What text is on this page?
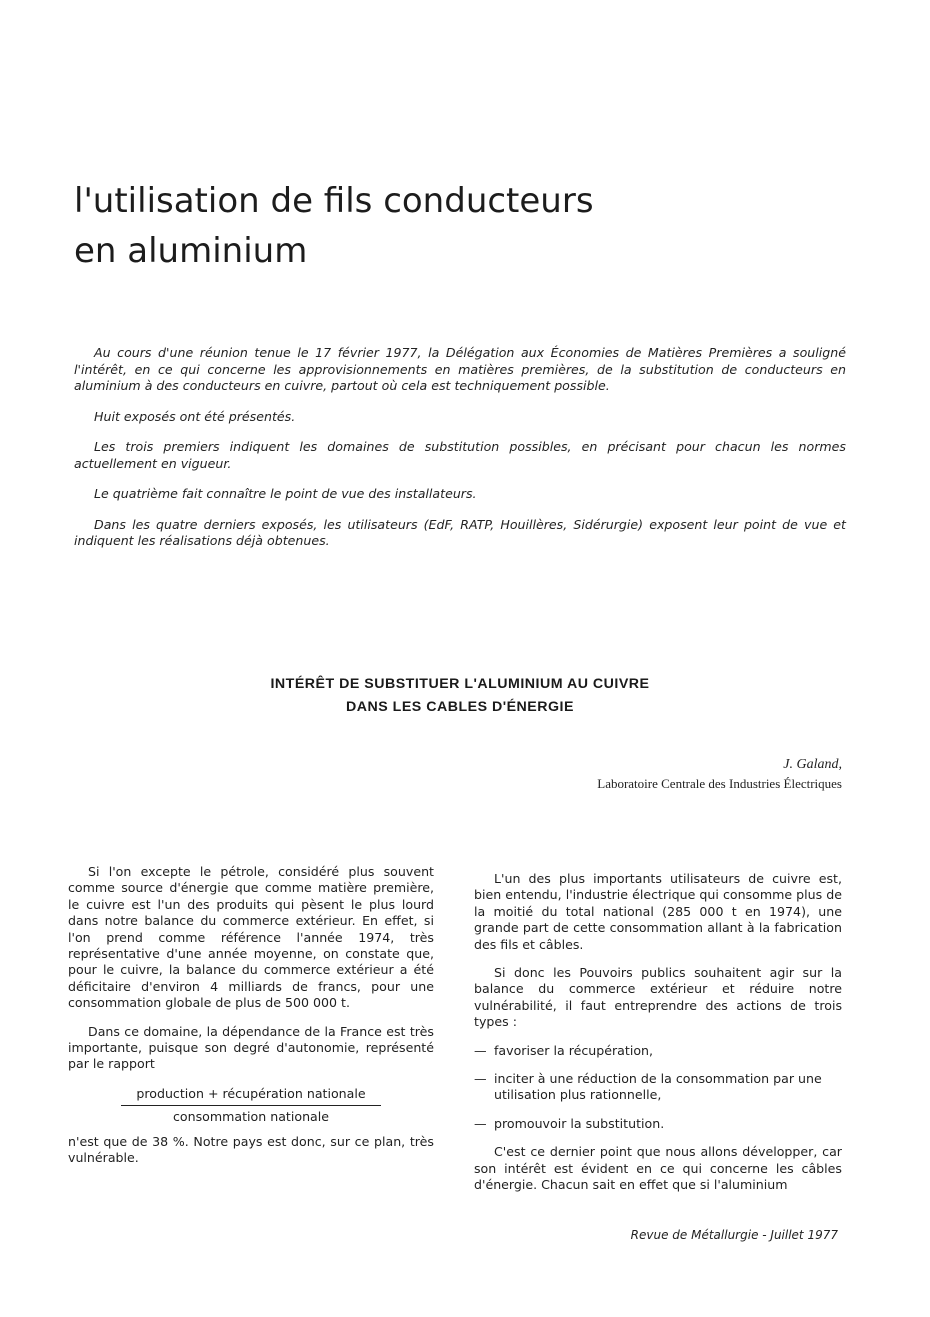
l'utilisation de fils conducteurs
en aluminium

Au cours d'une réunion tenue le 17 février 1977, la Délégation aux Économies de Matières Premières a souligné l'intérêt, en ce qui concerne les approvisionnements en matières premières, de la substitution de conducteurs en aluminium à des conducteurs en cuivre, partout où cela est techniquement possible.

Huit exposés ont été présentés.

Les trois premiers indiquent les domaines de substitution possibles, en précisant pour chacun les normes actuellement en vigueur.

Le quatrième fait connaître le point de vue des installateurs.

Dans les quatre derniers exposés, les utilisateurs (EdF, RATP, Houillères, Sidérurgie) exposent leur point de vue et indiquent les réalisations déjà obtenues.

INTÉRÊT DE SUBSTITUER L'ALUMINIUM AU CUIVRE
DANS LES CABLES D'ÉNERGIE
J. Galand,
Laboratoire Centrale des Industries Électriques

Si l'on excepte le pétrole, considéré plus souvent comme source d'énergie que comme matière première, le cuivre est l'un des produits qui pèsent le plus lourd dans notre balance du commerce extérieur. En effet, si l'on prend comme référence l'année 1974, très représentative d'une année moyenne, on constate que, pour le cuivre, la balance du commerce extérieur a été déficitaire d'environ 4 milliards de francs, pour une consommation globale de plus de 500 000 t.

Dans ce domaine, la dépendance de la France est très importante, puisque son degré d'autonomie, représenté par le rapport

production + récupération nationale
consommation nationale

n'est que de 38 %. Notre pays est donc, sur ce plan, très vulnérable.

L'un des plus importants utilisateurs de cuivre est, bien entendu, l'industrie électrique qui consomme plus de la moitié du total national (285 000 t en 1974), une grande part de cette consommation allant à la fabrication des fils et câbles.

Si donc les Pouvoirs publics souhaitent agir sur la balance du commerce extérieur et réduire notre vulnérabilité, il faut entreprendre des actions de trois types :

— favoriser la récupération,
— inciter à une réduction de la consommation par une utilisation plus rationnelle,
— promouvoir la substitution.

C'est ce dernier point que nous allons développer, car son intérêt est évident en ce qui concerne les câbles d'énergie. Chacun sait en effet que si l'aluminium

Revue de Métallurgie - Juillet 1977
